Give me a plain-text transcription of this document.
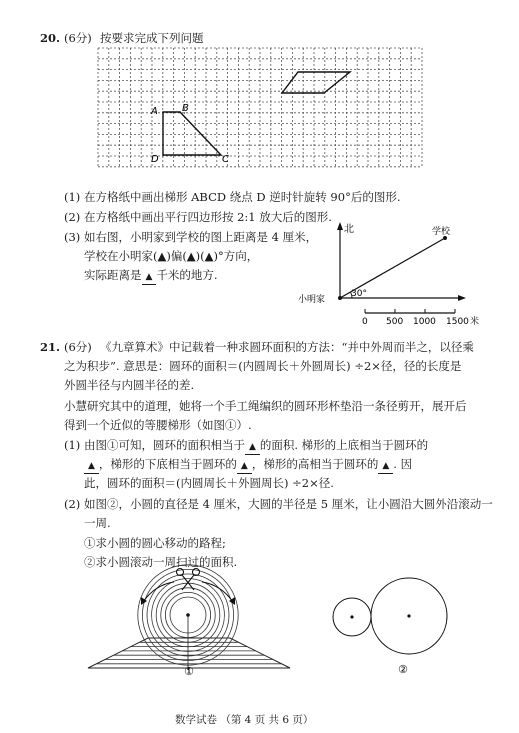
20. (6分) 按要求完成下列问题
A B
C
D
北	学校
小明家
30°
0 500 1000 1500 米
(1) 在方格纸中画出梯形 ABCD 绕点 D 逆时针旋转 90°后的图形.
(2) 在方格纸中画出平行四边形按 2:1 放大后的图形.
(3) 如右图，小明家到学校的图上距离是 4 厘米，
学校在小明家(▲)偏(▲)(▲)°方向，
实际距离是 ▲ 千米的地方.
21. (6分) 《九章算术》中记载着一种求圆环面积的方法：“并中外周而半之，以径乘
之为积步”. 意思是：圆环的面积＝(内圆周长＋外圆周长) ÷2×径，径的长度是
外圆半径与内圆半径的差.
小慧研究其中的道理，她将一个手工绳编织的圆环形杯垫沿一条径剪开，展开后
得到一个近似的等腰梯形（如图①）.
(1) 由图①可知，圆环的面积相当于 ▲ 的面积. 梯形的上底相当于圆环的
▲ ，梯形的下底相当于圆环的 ▲ ，梯形的高相当于圆环的 ▲ . 因
此，圆环的面积＝(内圆周长＋外圆周长) ÷2×径.
(2) 如图②，小圆的直径是 4 厘米，大圆的半径是 5 厘米，让小圆沿大圆外沿滚动一
一周.
①求小圆的圆心移动的路程;
②求小圆滚动一周扫过的面积.
①	②
数学试卷 （第 4 页 共 6 页）
